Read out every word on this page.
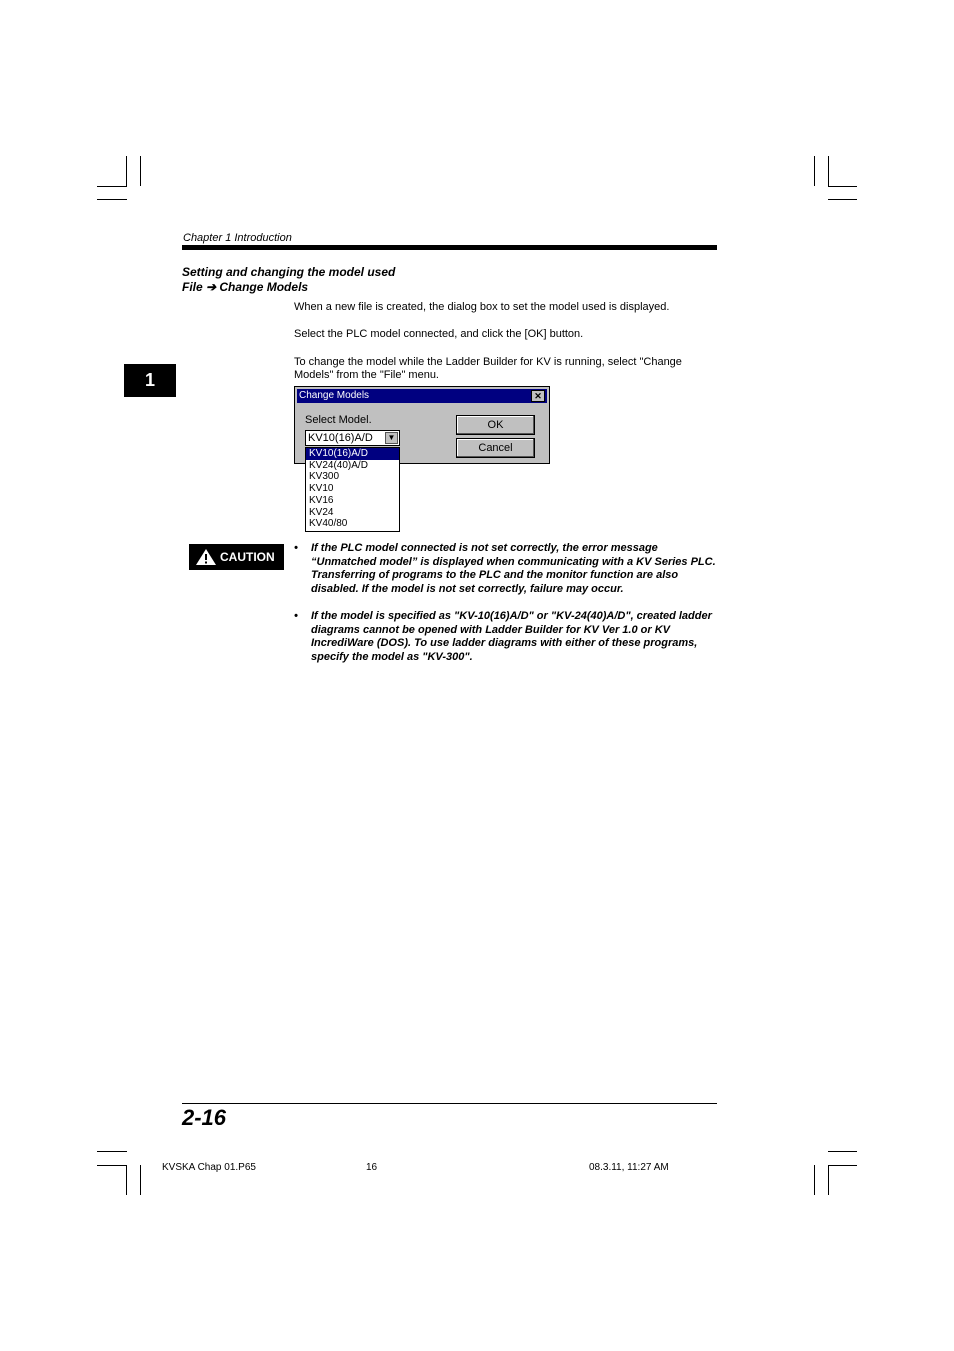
Chapter 1 Introduction
1
Setting and changing the model used
File ➔ Change Models
When a new file is created, the dialog box to set the model used is displayed.
Select the PLC model connected, and click the [OK] button.
To change the model while the Ladder Builder for KV is running, select "Change Models" from the "File" menu.
Change Models	✕
Select Model.
KV10(16)A/D	▼
OK
Cancel
KV10(16)A/D
KV24(40)A/D
KV300
KV10
KV16
KV24
KV40/80
CAUTION
• If the PLC model connected is not set correctly, the error message “Unmatched model” is displayed when communicating with a KV Series PLC. Transferring of programs to the PLC and the monitor function are also disabled. If the model is not set correctly, failure may occur.
• If the model is specified as "KV-10(16)A/D" or "KV-24(40)A/D", created ladder diagrams cannot be opened with Ladder Builder for KV Ver 1.0 or KV IncrediWare (DOS). To use ladder diagrams with either of these programs, specify the model as "KV-300".
2-16
KVSKA Chap 01.P65	16	08.3.11, 11:27 AM
